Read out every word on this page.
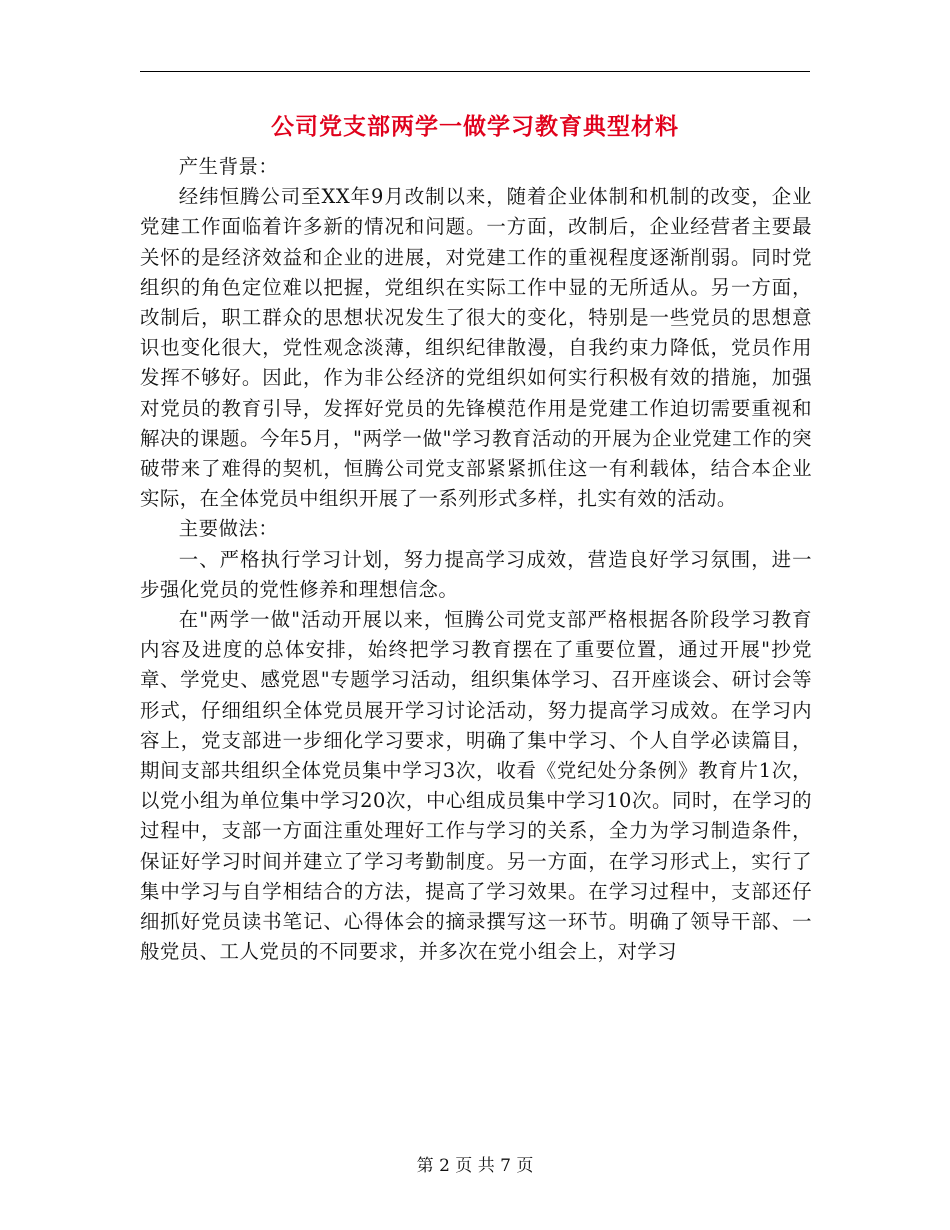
公司党支部两学一做学习教育典型材料

产生背景：

经纬恒腾公司至XX年9月改制以来，随着企业体制和机制的改变，企业党建工作面临着许多新的情况和问题。一方面，改制后，企业经营者主要最关怀的是经济效益和企业的进展，对党建工作的重视程度逐渐削弱。同时党组织的角色定位难以把握，党组织在实际工作中显的无所适从。另一方面，改制后，职工群众的思想状况发生了很大的变化，特别是一些党员的思想意识也变化很大，党性观念淡薄，组织纪律散漫，自我约束力降低，党员作用发挥不够好。因此，作为非公经济的党组织如何实行积极有效的措施，加强对党员的教育引导，发挥好党员的先锋模范作用是党建工作迫切需要重视和解决的课题。今年5月，"两学一做"学习教育活动的开展为企业党建工作的突破带来了难得的契机，恒腾公司党支部紧紧抓住这一有利载体，结合本企业实际，在全体党员中组织开展了一系列形式多样，扎实有效的活动。

主要做法：

一、严格执行学习计划，努力提高学习成效，营造良好学习氛围，进一步强化党员的党性修养和理想信念。

在"两学一做"活动开展以来，恒腾公司党支部严格根据各阶段学习教育内容及进度的总体安排，始终把学习教育摆在了重要位置，通过开展"抄党章、学党史、感党恩"专题学习活动，组织集体学习、召开座谈会、研讨会等形式，仔细组织全体党员展开学习讨论活动，努力提高学习成效。在学习内容上，党支部进一步细化学习要求，明确了集中学习、个人自学必读篇目，期间支部共组织全体党员集中学习3次，收看《党纪处分条例》教育片1次，以党小组为单位集中学习20次，中心组成员集中学习10次。同时，在学习的过程中，支部一方面注重处理好工作与学习的关系，全力为学习制造条件，保证好学习时间并建立了学习考勤制度。另一方面，在学习形式上，实行了集中学习与自学相结合的方法，提高了学习效果。在学习过程中，支部还仔细抓好党员读书笔记、心得体会的摘录撰写这一环节。明确了领导干部、一般党员、工人党员的不同要求，并多次在党小组会上，对学习

第 2 页 共 7 页
